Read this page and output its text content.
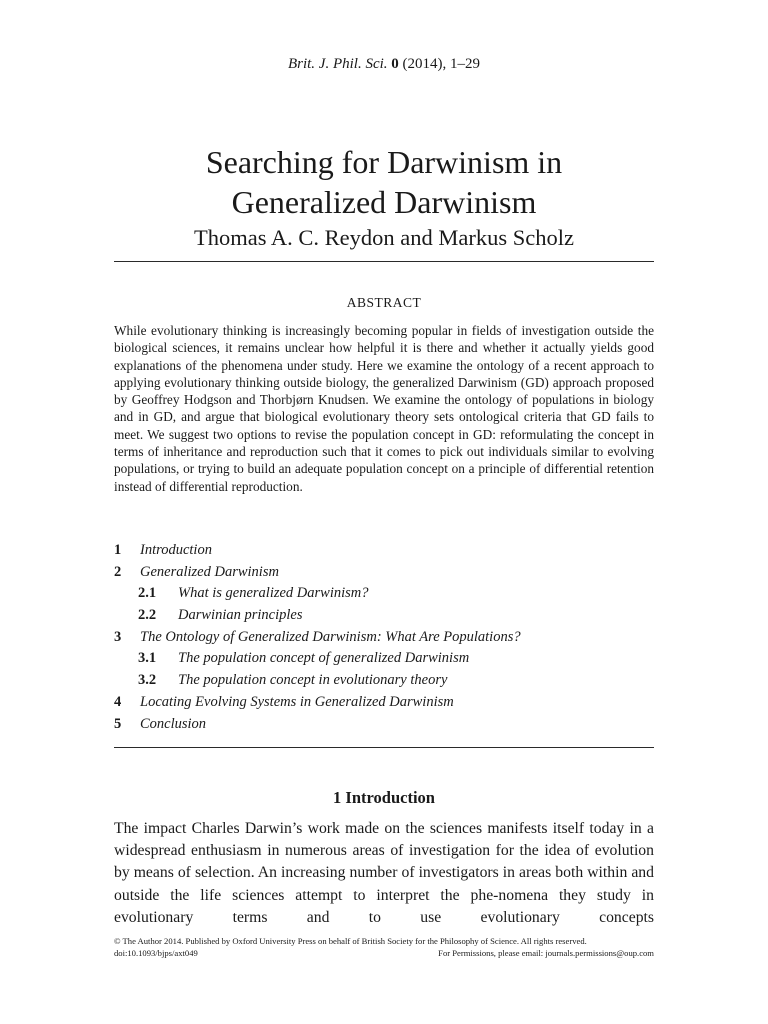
Brit. J. Phil. Sci. 0 (2014), 1–29
Searching for Darwinism in
Generalized Darwinism
Thomas A. C. Reydon and Markus Scholz
ABSTRACT
While evolutionary thinking is increasingly becoming popular in fields of investigation outside the biological sciences, it remains unclear how helpful it is there and whether it actually yields good explanations of the phenomena under study. Here we examine the ontology of a recent approach to applying evolutionary thinking outside biology, the generalized Darwinism (GD) approach proposed by Geoffrey Hodgson and Thorbjørn Knudsen. We examine the ontology of populations in biology and in GD, and argue that biological evolutionary theory sets ontological criteria that GD fails to meet. We suggest two options to revise the population concept in GD: reformulating the concept in terms of inheritance and reproduction such that it comes to pick out individuals similar to evolving populations, or trying to build an adequate population concept on a principle of differential retention instead of differential reproduction.
1	Introduction
2	Generalized Darwinism
2.1	What is generalized Darwinism?
2.2	Darwinian principles
3	The Ontology of Generalized Darwinism: What Are Populations?
3.1	The population concept of generalized Darwinism
3.2	The population concept in evolutionary theory
4	Locating Evolving Systems in Generalized Darwinism
5	Conclusion
1 Introduction
The impact Charles Darwin’s work made on the sciences manifests itself today in a widespread enthusiasm in numerous areas of investigation for the idea of evolution by means of selection. An increasing number of investigators in areas both within and outside the life sciences attempt to interpret the phe-nomena they study in evolutionary terms and to use evolutionary concepts
© The Author 2014. Published by Oxford University Press on behalf of British Society for the Philosophy of Science. All rights reserved.
doi:10.1093/bjps/axt049	For Permissions, please email: journals.permissions@oup.com
